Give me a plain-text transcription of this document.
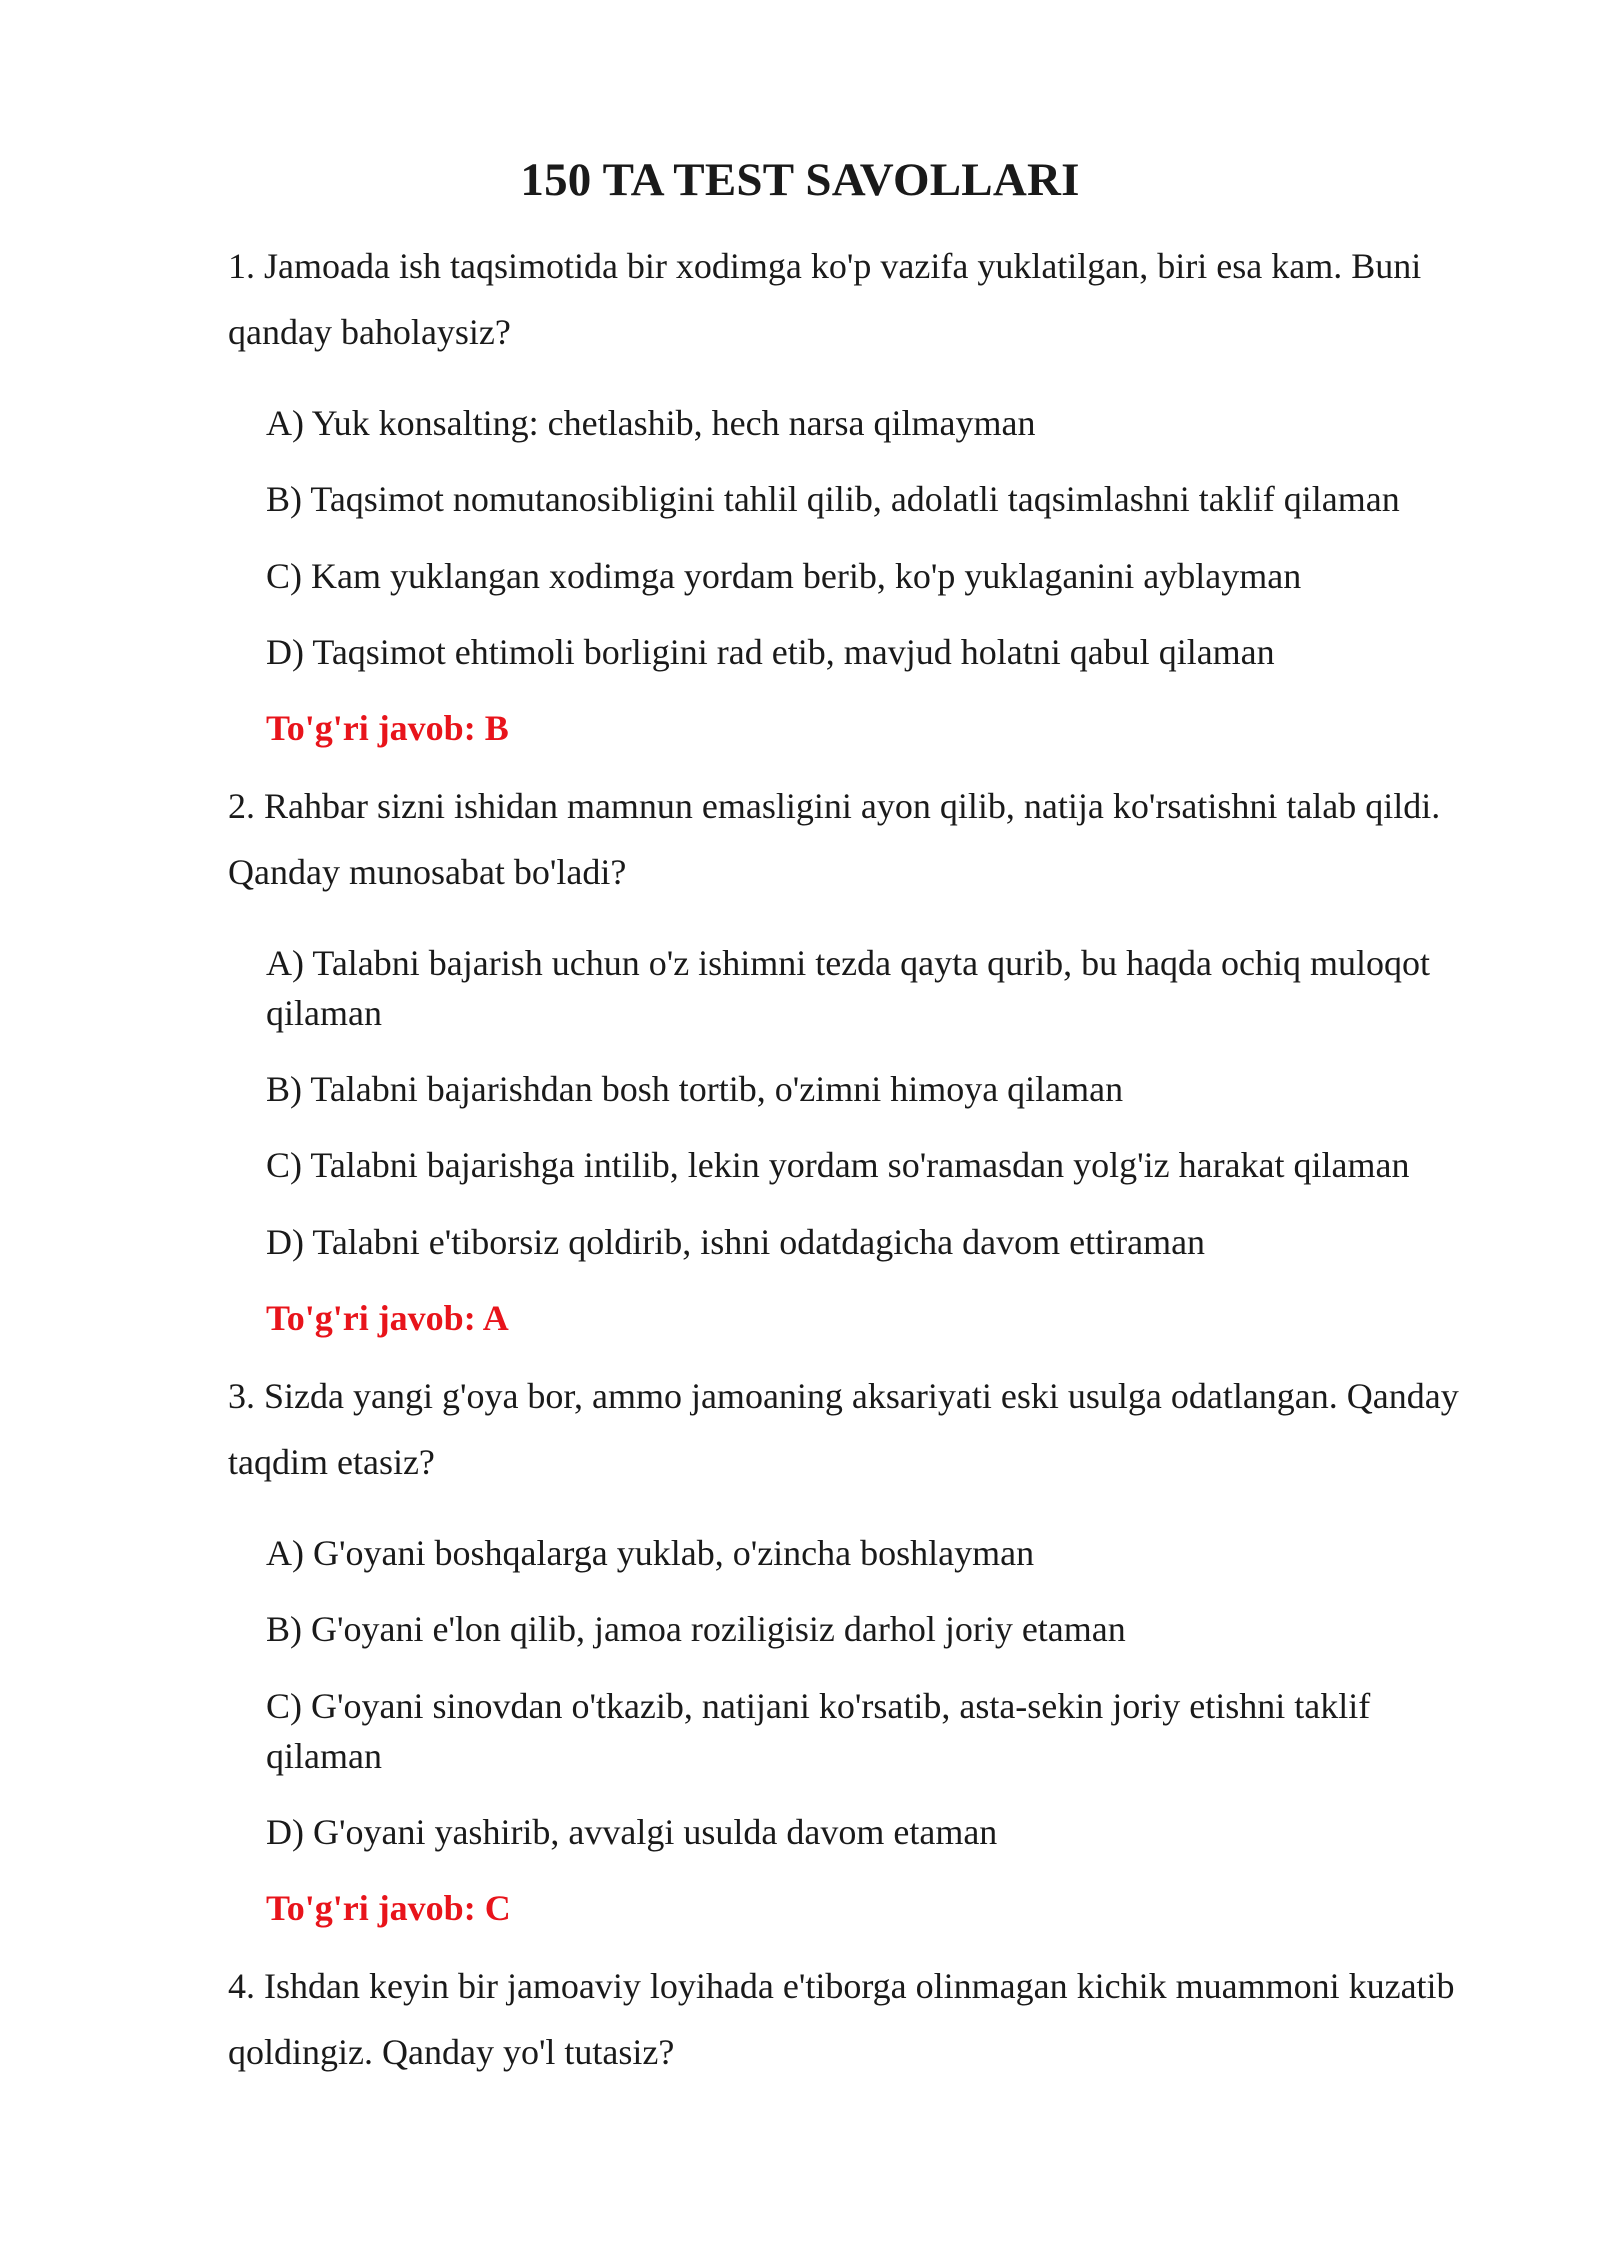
150 TA TEST SAVOLLARI
1. Jamoada ish taqsimotida bir xodimga ko'p vazifa yuklatilgan, biri esa kam. Buni qanday baholaysiz?
A) Yuk konsalting: chetlashib, hech narsa qilmayman
B) Taqsimot nomutanosibligini tahlil qilib, adolatli taqsimlashni taklif qilaman
C) Kam yuklangan xodimga yordam berib, ko'p yuklaganini ayblayman
D) Taqsimot ehtimoli borligini rad etib, mavjud holatni qabul qilaman
To'g'ri javob: B
2. Rahbar sizni ishidan mamnun emasligini ayon qilib, natija ko'rsatishni talab qildi. Qanday munosabat bo'ladi?
A) Talabni bajarish uchun o'z ishimni tezda qayta qurib, bu haqda ochiq muloqot qilaman
B) Talabni bajarishdan bosh tortib, o'zimni himoya qilaman
C) Talabni bajarishga intilib, lekin yordam so'ramasdan yolg'iz harakat qilaman
D) Talabni e'tiborsiz qoldirib, ishni odatdagicha davom ettiraman
To'g'ri javob: A
3. Sizda yangi g'oya bor, ammo jamoaning aksariyati eski usulga odatlangan. Qanday taqdim etasiz?
A) G'oyani boshqalarga yuklab, o'zincha boshlayman
B) G'oyani e'lon qilib, jamoa roziligisiz darhol joriy etaman
C) G'oyani sinovdan o'tkazib, natijani ko'rsatib, asta-sekin joriy etishni taklif qilaman
D) G'oyani yashirib, avvalgi usulda davom etaman
To'g'ri javob: C
4. Ishdan keyin bir jamoaviy loyihada e'tiborga olinmagan kichik muammoni kuzatib qoldingiz. Qanday yo'l tutasiz?
